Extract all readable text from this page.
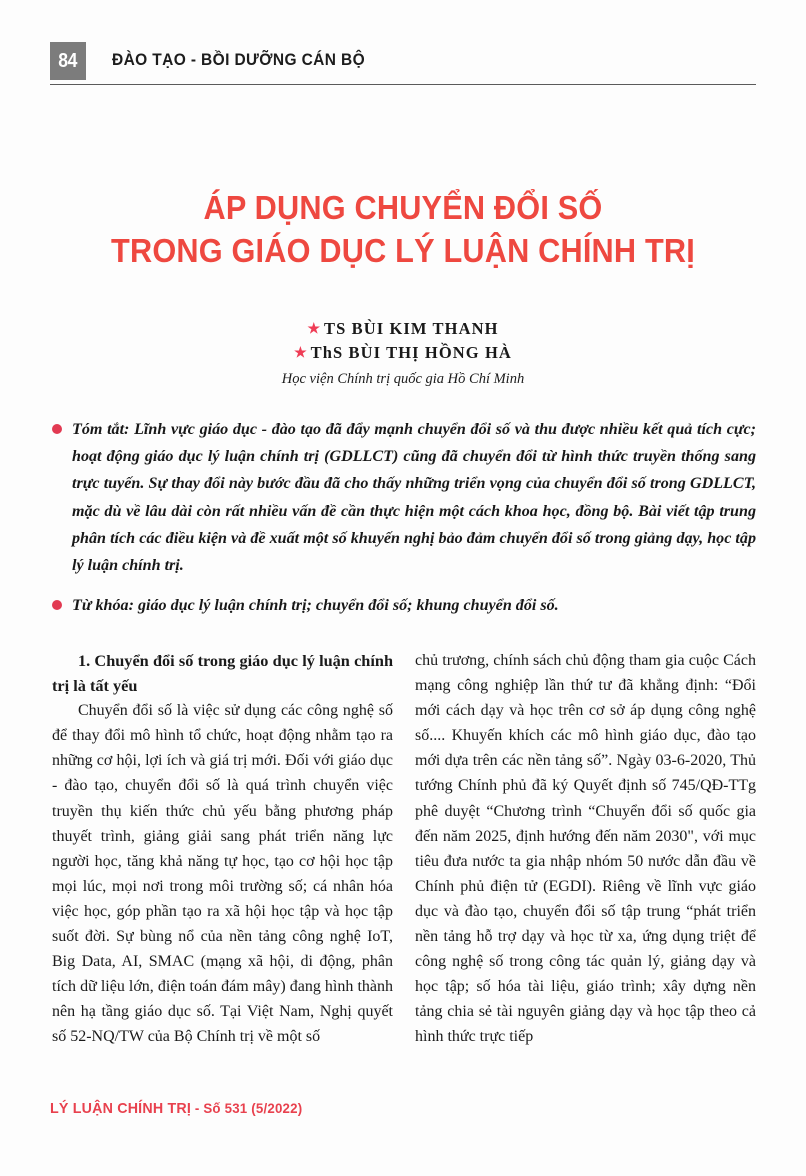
84 ĐÀO TẠO - BỒI DƯỠNG CÁN BỘ
ÁP DỤNG CHUYỂN ĐỔI SỐ
TRONG GIÁO DỤC LÝ LUẬN CHÍNH TRỊ
★ TS BÙI KIM THANH
★ ThS BÙI THỊ HỒNG HÀ
Học viện Chính trị quốc gia Hồ Chí Minh
Tóm tắt: Lĩnh vực giáo dục - đào tạo đã đẩy mạnh chuyển đổi số và thu được nhiều kết quả tích cực; hoạt động giáo dục lý luận chính trị (GDLLCT) cũng đã chuyển đổi từ hình thức truyền thống sang trực tuyến. Sự thay đổi này bước đầu đã cho thấy những triển vọng của chuyển đổi số trong GDLLCT, mặc dù về lâu dài còn rất nhiều vấn đề cần thực hiện một cách khoa học, đồng bộ. Bài viết tập trung phân tích các điều kiện và đề xuất một số khuyến nghị bảo đảm chuyển đổi số trong giảng dạy, học tập lý luận chính trị.
Từ khóa: giáo dục lý luận chính trị; chuyển đổi số; khung chuyển đổi số.

1. Chuyển đổi số trong giáo dục lý luận chính trị là tất yếu

Chuyển đổi số là việc sử dụng các công nghệ số để thay đổi mô hình tổ chức, hoạt động nhằm tạo ra những cơ hội, lợi ích và giá trị mới. Đối với giáo dục - đào tạo, chuyển đổi số là quá trình chuyển việc truyền thụ kiến thức chủ yếu bằng phương pháp thuyết trình, giảng giải sang phát triển năng lực người học, tăng khả năng tự học, tạo cơ hội học tập mọi lúc, mọi nơi trong môi trường số; cá nhân hóa việc học, góp phần tạo ra xã hội học tập và học tập suốt đời. Sự bùng nổ của nền tảng công nghệ IoT, Big Data, AI, SMAC (mạng xã hội, di động, phân tích dữ liệu lớn, điện toán đám mây) đang hình thành nên hạ tầng giáo dục số. Tại Việt Nam, Nghị quyết số 52-NQ/TW của Bộ Chính trị về một số

chủ trương, chính sách chủ động tham gia cuộc Cách mạng công nghiệp lần thứ tư đã khẳng định: “Đổi mới cách dạy và học trên cơ sở áp dụng công nghệ số.... Khuyến khích các mô hình giáo dục, đào tạo mới dựa trên các nền tảng số”. Ngày 03-6-2020, Thủ tướng Chính phủ đã ký Quyết định số 745/QĐ-TTg phê duyệt “Chương trình “Chuyển đổi số quốc gia đến năm 2025, định hướng đến năm 2030", với mục tiêu đưa nước ta gia nhập nhóm 50 nước dẫn đầu về Chính phủ điện tử (EGDI). Riêng về lĩnh vực giáo dục và đào tạo, chuyển đổi số tập trung “phát triển nền tảng hỗ trợ dạy và học từ xa, ứng dụng triệt để công nghệ số trong công tác quản lý, giảng dạy và học tập; số hóa tài liệu, giáo trình; xây dựng nền tảng chia sẻ tài nguyên giảng dạy và học tập theo cả hình thức trực tiếp

LÝ LUẬN CHÍNH TRỊ - Số 531 (5/2022)
